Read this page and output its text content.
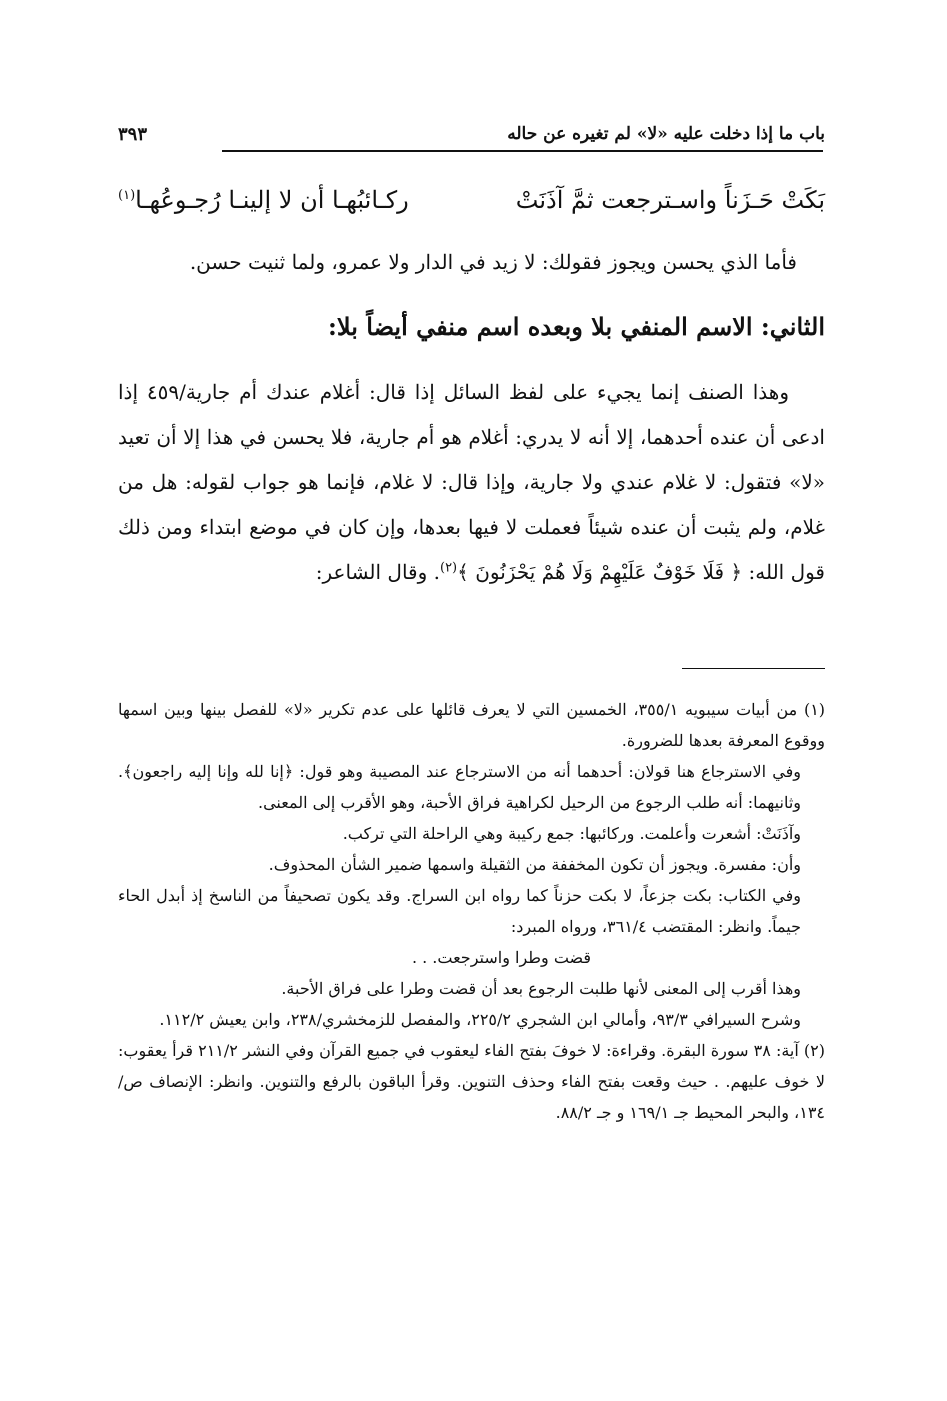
باب ما إذا دخلت عليه «لا» لم تغيره عن حاله
٣٩٣
بَكَتْ حَـزَناً واسـترجعت ثمَّ آذَنَتْ
ركـائبُهـا أن لا إلينـا رُجـوعُهـا$^{(١)}$
فأما الذي يحسن ويجوز فقولك: لا زيد في الدار ولا عمرو، ولما ثنيت حسن.
الثاني: الاسم المنفي بلا وبعده اسم منفي أيضاً بلا:
وهذا الصنف إنما يجيء على لفظ السائل إذا قال: أغلام عندك أم جارية/٤٥٩ إذا ادعى أن عنده أحدهما، إلا أنه لا يدري: أغلام هو أم جارية، فلا يحسن في هذا إلا أن تعيد «لا» فتقول: لا غلام عندي ولا جارية، وإذا قال: لا غلام، فإنما هو جواب لقوله: هل من غلام، ولم يثبت أن عنده شيئاً فعملت لا فيها بعدها، وإن كان في موضع ابتداء ومن ذلك قول الله: ﴿ فَلَا خَوْفٌ عَلَيْهِمْ وَلَا هُمْ يَحْزَنُونَ ﴾$^{(٢)}$. وقال الشاعر:

(١) من أبيات سيبويه ٣٥٥/١، الخمسين التي لا يعرف قائلها على عدم تكرير «لا» للفصل بينها وبين اسمها ووقوع المعرفة بعدها للضرورة.

وفي الاسترجاع هنا قولان: أحدهما أنه من الاسترجاع عند المصيبة وهو قول: ﴿إنا لله وإنا إليه راجعون﴾. وثانيهما: أنه طلب الرجوع من الرحيل لكراهية فراق الأحبة، وهو الأقرب إلى المعنى.

وآذَنَتْ: أشعرت وأعلمت. وركائبها: جمع ركيبة وهي الراحلة التي تركب.

وأن: مفسرة. ويجوز أن تكون المخففة من الثقيلة واسمها ضمير الشأن المحذوف.

وفي الكتاب: بكت جزعاً، لا بكت حزناً كما رواه ابن السراج. وقد يكون تصحيفاً من الناسخ إذ أبدل الحاء جيماً. وانظر: المقتضب ٣٦١/٤، ورواه المبرد:

قضت وطرا واسترجعت. . .

وهذا أقرب إلى المعنى لأنها طلبت الرجوع بعد أن قضت وطرا على فراق الأحبة.

وشرح السيرافي ٩٣/٣، وأمالي ابن الشجري ٢٢٥/٢، والمفصل للزمخشري/٢٣٨، وابن يعيش ١١٢/٢.

(٢) آية: ٣٨ سورة البقرة. وقراءة: لا خوفَ بفتح الفاء ليعقوب في جميع القرآن وفي النشر ٢١١/٢ قرأ يعقوب: لا خوف عليهم. . حيث وقعت بفتح الفاء وحذف التنوين. وقرأ الباقون بالرفع والتنوين. وانظر: الإنصاف ص/١٣٤، والبحر المحيط جـ ١٦٩/١ و جـ ٨٨/٢.
